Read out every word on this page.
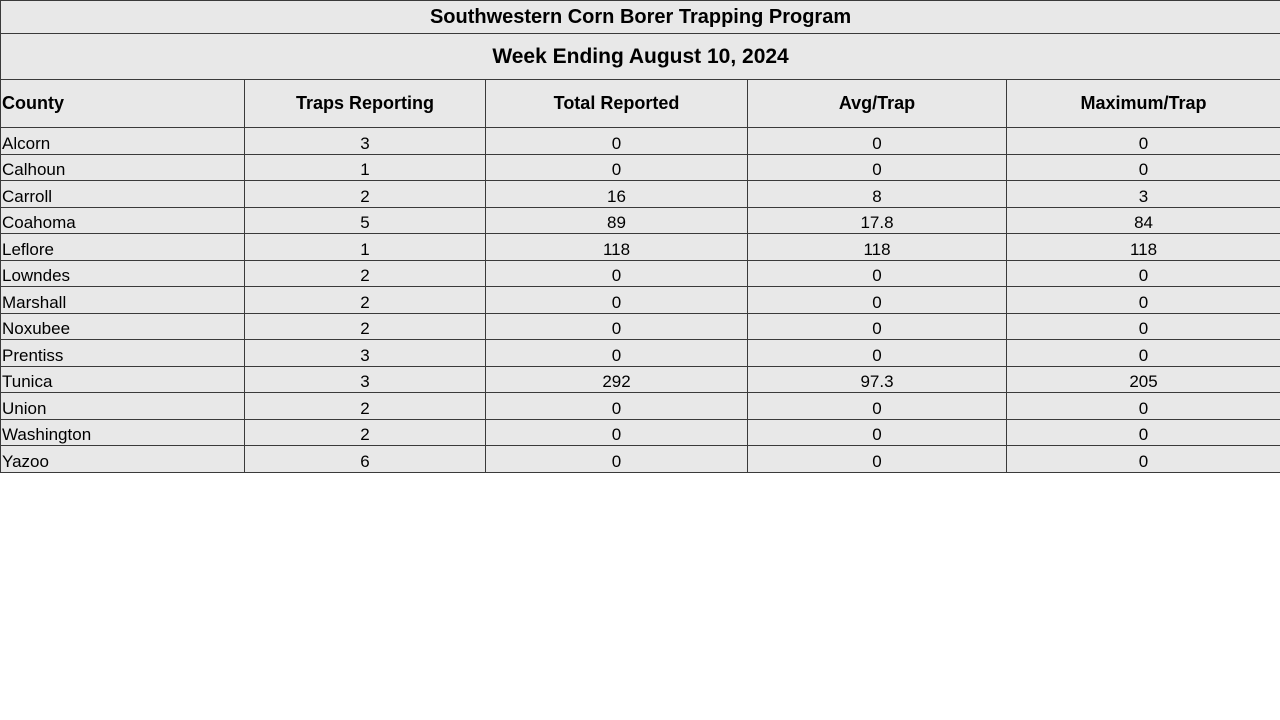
Southwestern Corn Borer Trapping Program				
Week Ending August 10, 2024				
County	Traps Reporting	Total Reported	Avg/Trap	Maximum/Trap
Alcorn	3	0	0	0
Calhoun	1	0	0	0
Carroll	2	16	8	3
Coahoma	5	89	17.8	84
Leflore	1	118	118	118
Lowndes	2	0	0	0
Marshall	2	0	0	0
Noxubee	2	0	0	0
Prentiss	3	0	0	0
Tunica	3	292	97.3	205
Union	2	0	0	0
Washington	2	0	0	0
Yazoo	6	0	0	0
